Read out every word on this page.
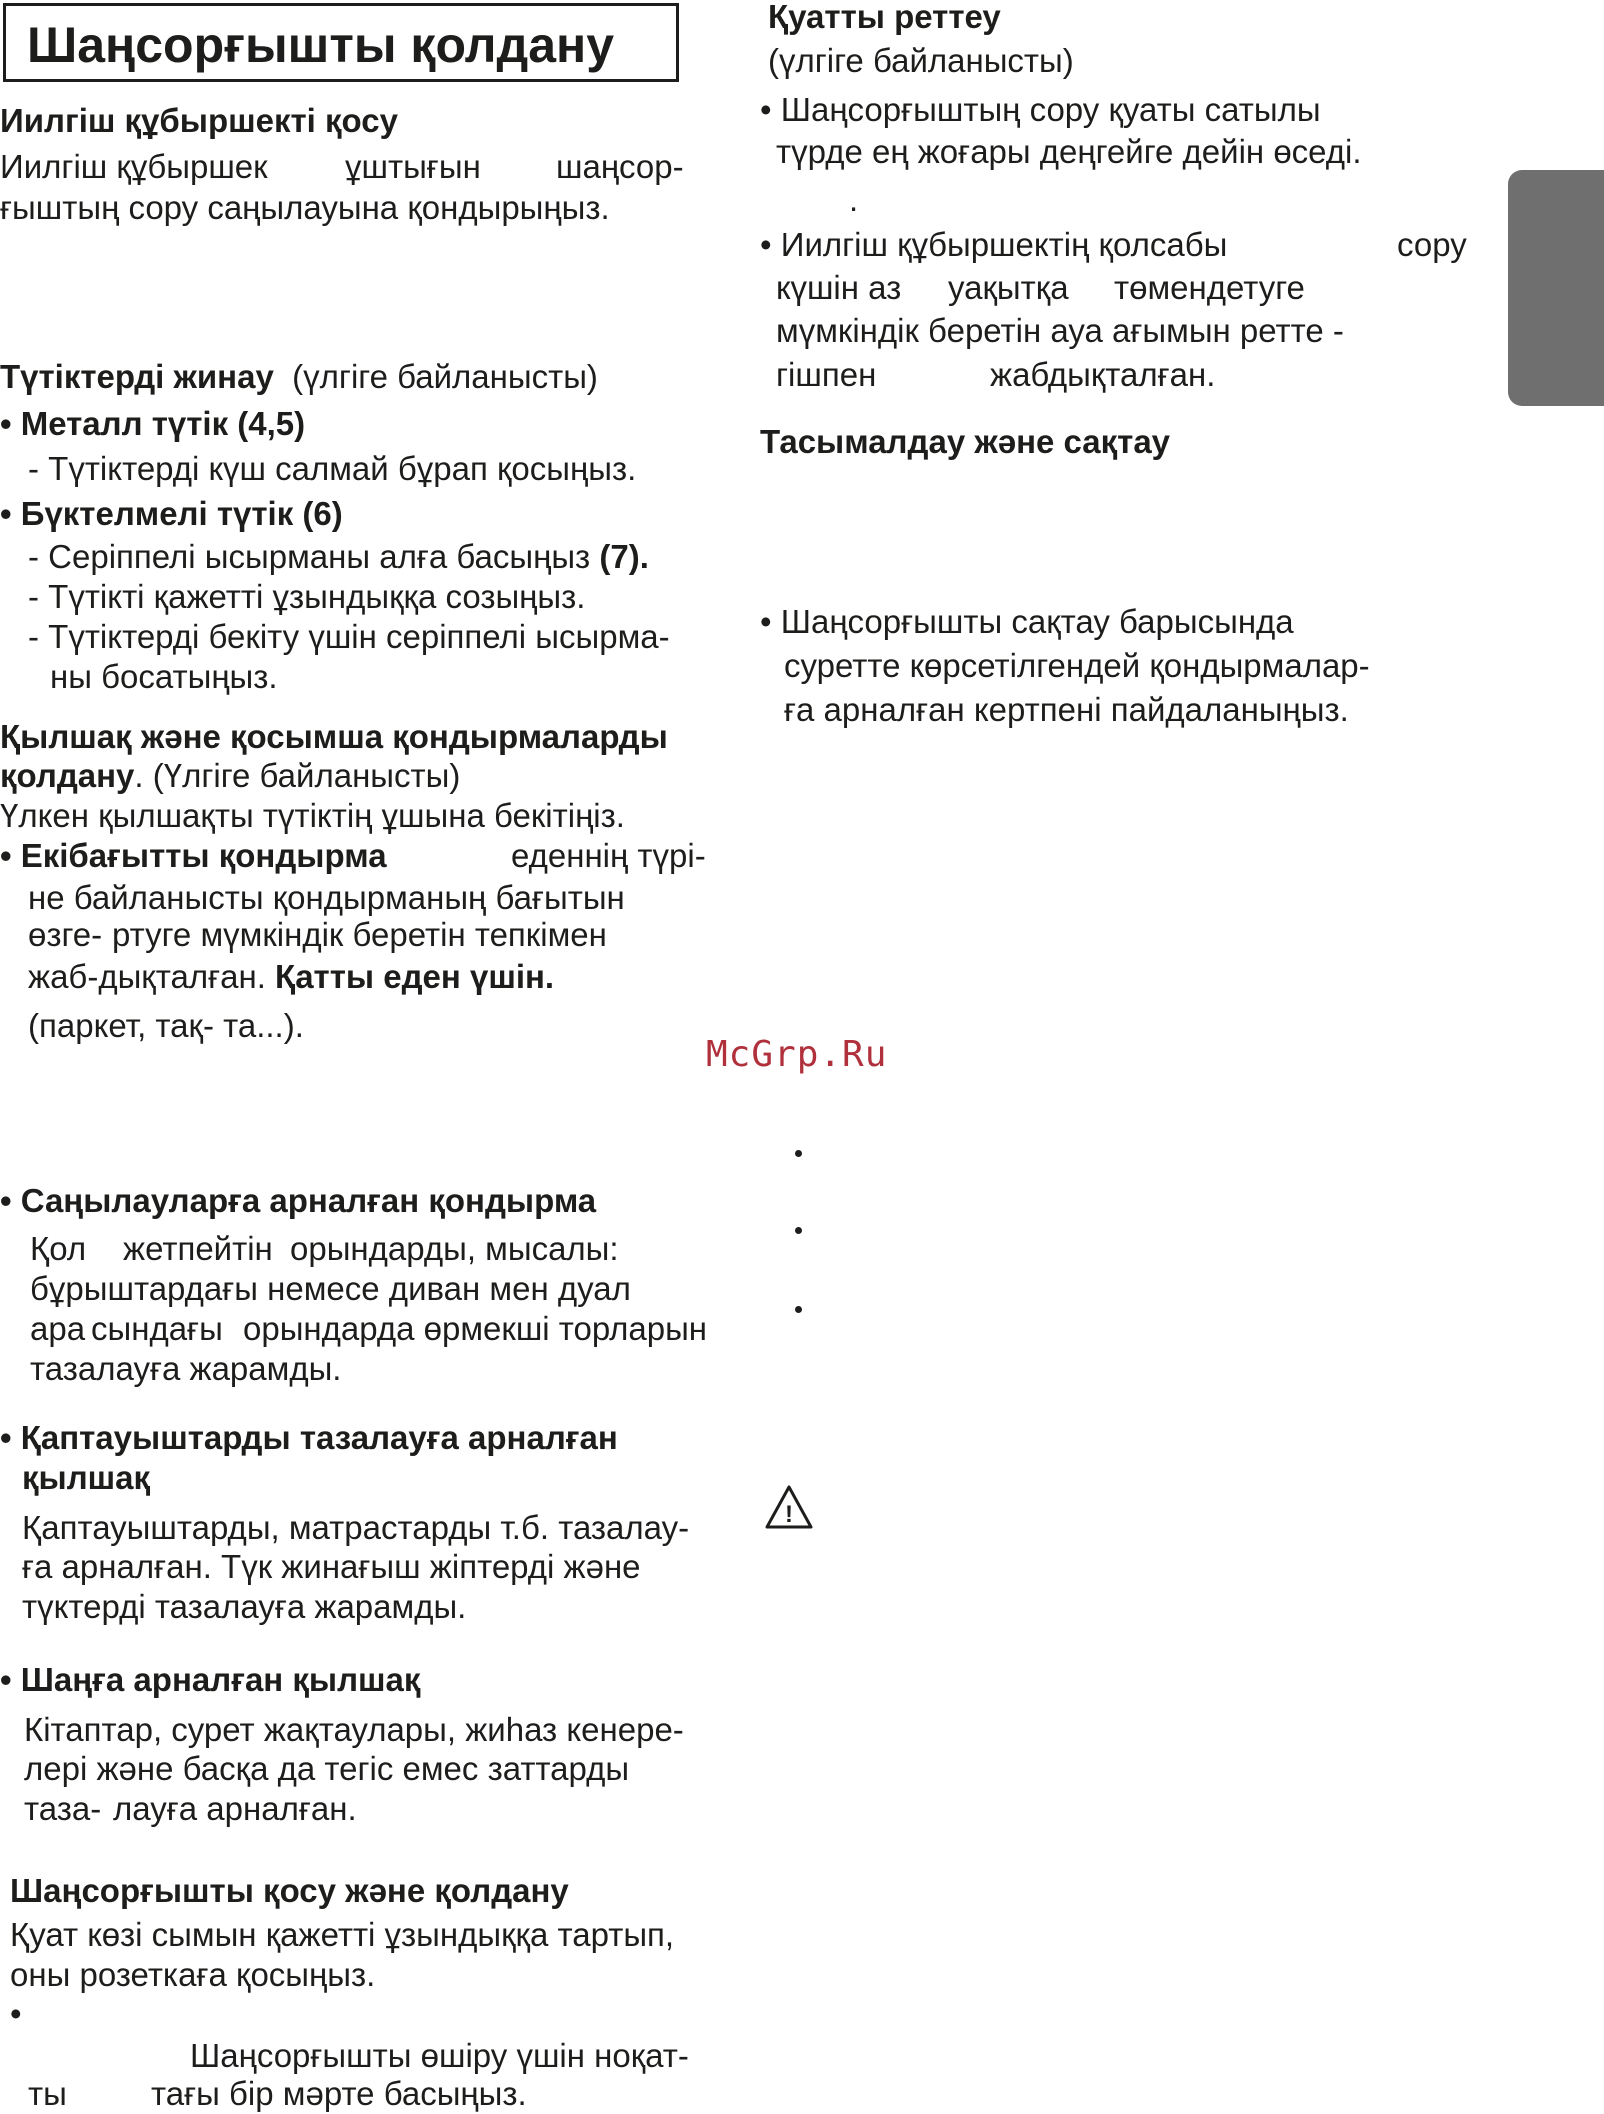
Шаңсорғышты қолдану
Иилгіш құбыршекті қосу
Иилгіш құбыршек ұштығын шаңсор-
ғыштың сору саңылауына қондырыңыз.
Түтіктерді жинау (үлгіге байланысты)
• Металл түтік (4,5)
- Түтіктерді күш салмай бұрап қосыңыз.
• Бүктелмелі түтік (6)
- Серіппелі ысырманы алға басыңыз (7).
- Түтікті қажетті ұзындыққа созыңыз.
- Түтіктерді бекіту үшін серіппелі ысырма-
ны босатыңыз.
Қылшақ және қосымша қондырмаларды
қолдану. (Үлгіге байланысты)
Үлкен қылшақты түтіктің ұшына бекітіңіз.
• Екібағытты қондырма	еденнің түрі-
не байланысты қондырманың бағытын
өзге- ртуге мүмкіндік беретін тепкімен
жаб-дықталған. Қатты еден үшін.
(паркет, тақ- та...).
• Саңылауларға арналған қондырма
Қол жетпейтін орындарды, мысалы:
бұрыштардағы немесе диван мен дуал
ара сындағы орындарда өрмекші торларын
тазалауға жарамды.
• Қаптауыштарды тазалауға арналған
қылшақ
Қаптауыштарды, матрастарды т.б. тазалау-
ға арналған. Түк жинағыш жіптерді және
түктерді тазалауға жарамды.
• Шаңға арналған қылшақ
Кітаптар, сурет жақтаулары, жиһаз кенере-
лері және басқа да тегіс емес заттарды
таза- лауға арналған.
Шаңсорғышты қосу және қолдану
Қуат көзі сымын қажетті ұзындыққа тартып,
оны розеткаға қосыңыз.
•
Шаңсорғышты өшіру үшін ноқат-
ты	тағы бір мәрте басыңыз.
Қуатты реттеу
(үлгіге байланысты)
• Шаңсорғыштың сору қуаты сатылы
түрде ең жоғары деңгейге дейін өседі.
.
• Иилгіш құбыршектің қолсабы	сору
күшін аз уақытқа төмендетуге
мүмкіндік беретін ауа ағымын ретте -
гішпен	жабдықталған.
Тасымалдау және сақтау
• Шаңсорғышты сақтау барысында
суретте көрсетілгендей қондырмалар-
ға арналған кертпені пайдаланыңыз.
McGrp.Ru
!
